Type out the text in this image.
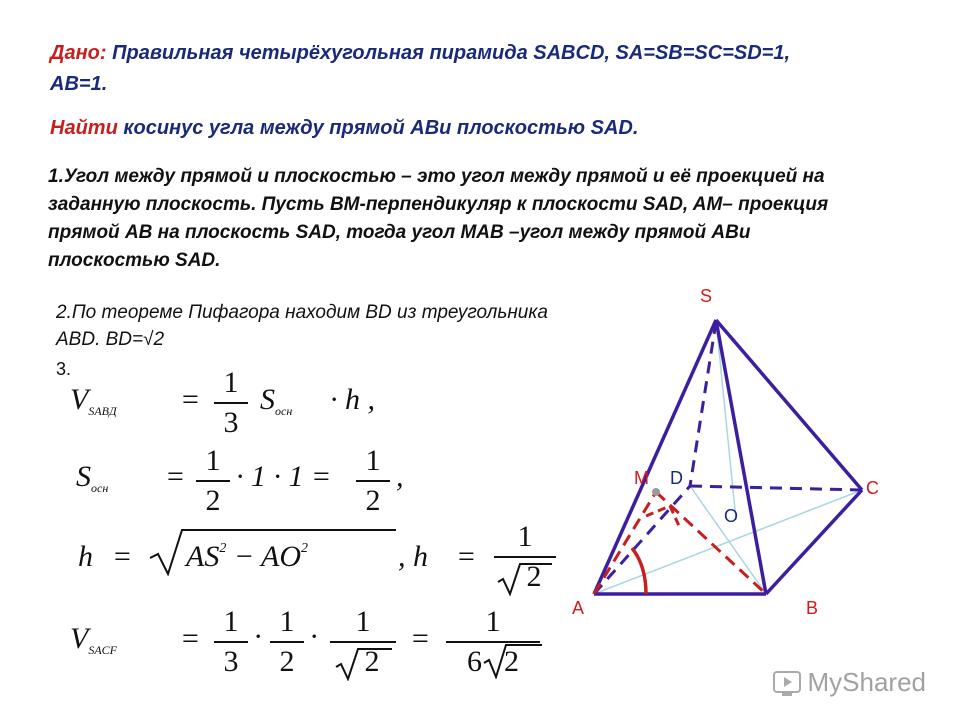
Дано: Правильная четырёхугольная пирамида SABCD, SA=SB=SC=SD=1,
AB=1.
Найти косинус угла между прямой ABи плоскостью SAD.
1.Угол между прямой и плоскостью – это угол между прямой и её проекцией на
заданную плоскость. Пусть BM-перпендикуляр к плоскости SAD, AM– проекция
прямой AB на плоскость SAD, тогда угол MAB –угол между прямой ABи
плоскостью SAD.
2.По теореме Пифагора находим BD из треугольника
ABD. BD=√2
3.
$V_{SABД}$ =
1
3
$S_{осн} \cdot h$ ,
$S_{осн} = 1$
2
· 1 · 1 =	1
2
,
$h = AS^2 - AO^2$	, h =
1
2
$V_{SACF}$ =
1
3
· 1
2
·	1
2
=
1
6 2
S
A	B
C
D
M
O
MyShared
